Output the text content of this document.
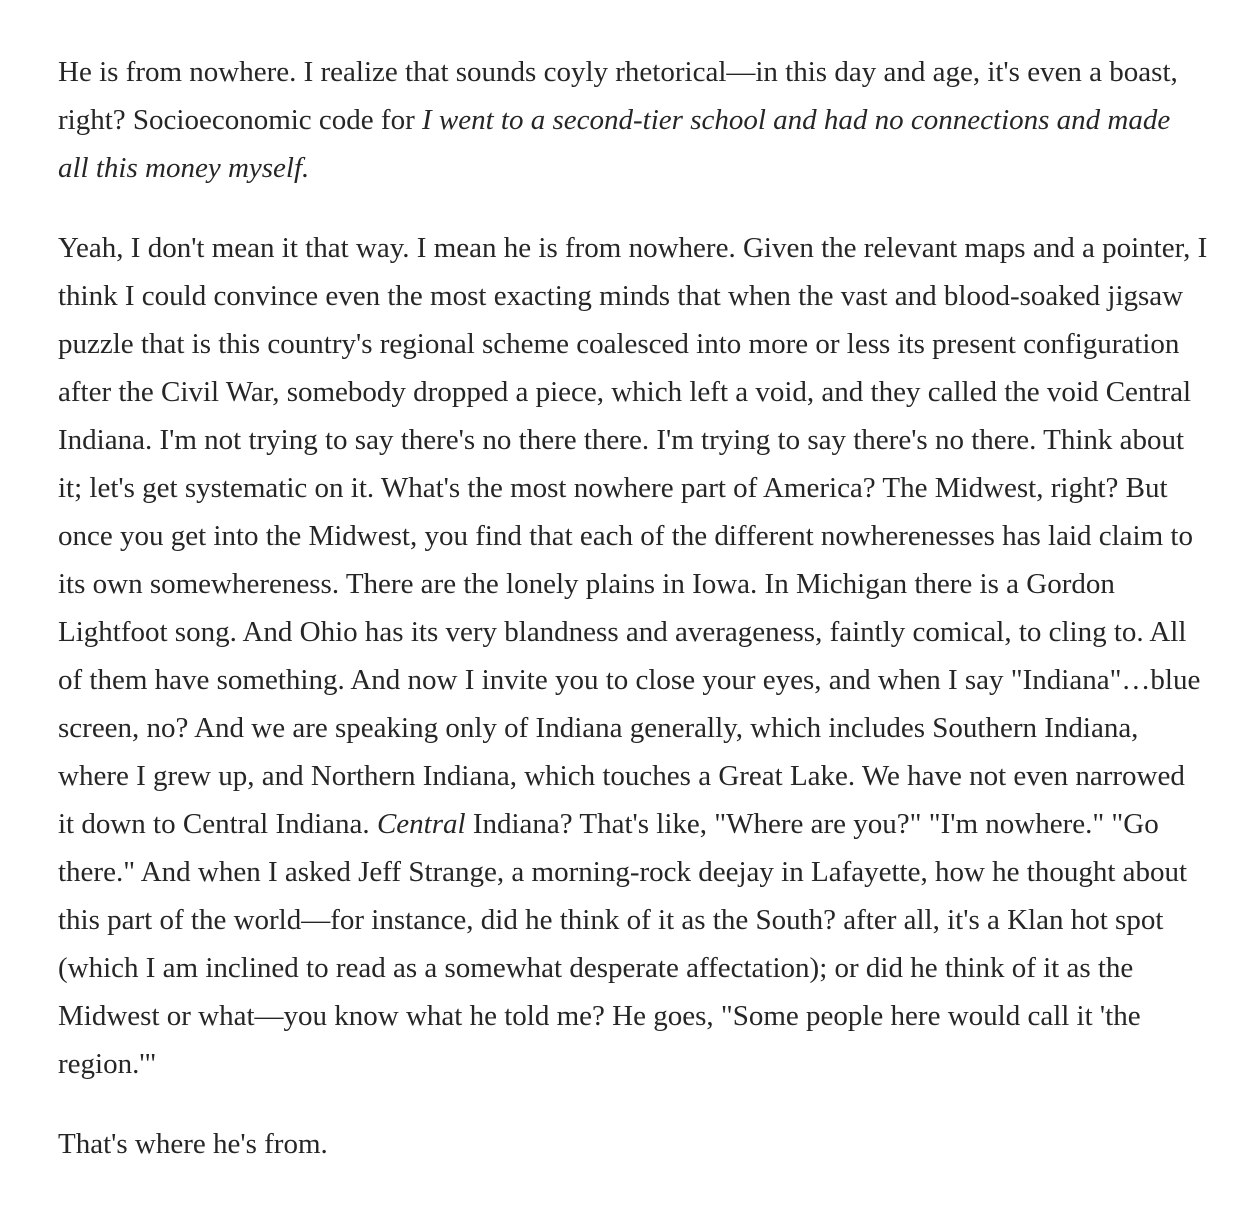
He is from nowhere. I realize that sounds coyly rhetorical—in this day and age, it's even a boast, right? Socioeconomic code for I went to a second-tier school and had no connections and made all this money myself.

Yeah, I don't mean it that way. I mean he is from nowhere. Given the relevant maps and a pointer, I think I could convince even the most exacting minds that when the vast and blood-soaked jigsaw puzzle that is this country's regional scheme coalesced into more or less its present configuration after the Civil War, somebody dropped a piece, which left a void, and they called the void Central Indiana. I'm not trying to say there's no there there. I'm trying to say there's no there. Think about it; let's get systematic on it. What's the most nowhere part of America? The Midwest, right? But once you get into the Midwest, you find that each of the different nowherenesses has laid claim to its own somewhereness. There are the lonely plains in Iowa. In Michigan there is a Gordon Lightfoot song. And Ohio has its very blandness and averageness, faintly comical, to cling to. All of them have something. And now I invite you to close your eyes, and when I say "Indiana"…blue screen, no? And we are speaking only of Indiana generally, which includes Southern Indiana, where I grew up, and Northern Indiana, which touches a Great Lake. We have not even narrowed it down to Central Indiana. Central Indiana? That's like, "Where are you?" "I'm nowhere." "Go there." And when I asked Jeff Strange, a morning-rock deejay in Lafayette, how he thought about this part of the world—for instance, did he think of it as the South? after all, it's a Klan hot spot (which I am inclined to read as a somewhat desperate affectation); or did he think of it as the Midwest or what—you know what he told me? He goes, "Some people here would call it 'the region.'"

That's where he's from.
